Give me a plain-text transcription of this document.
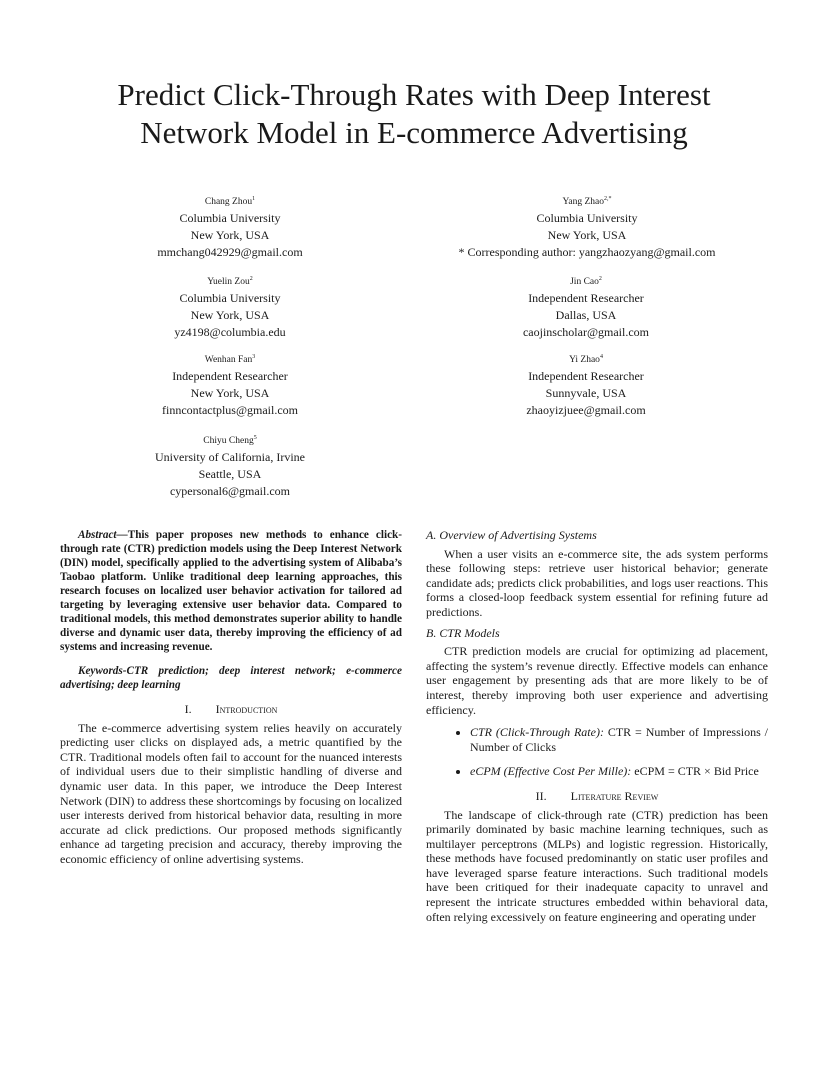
Predict Click-Through Rates with Deep Interest Network Model in E-commerce Advertising
Chang Zhou$^1$
Columbia University
New York, USA
mmchang042929@gmail.com
Yang Zhao$^{2,*}$
Columbia University
New York, USA
* Corresponding author: yangzhaozyang@gmail.com
Yuelin Zou$^2$
Columbia University
New York, USA
yz4198@columbia.edu
Jin Cao$^2$
Independent Researcher
Dallas, USA
caojinscholar@gmail.com
Wenhan Fan$^3$
Independent Researcher
New York, USA
finncontactplus@gmail.com
Yi Zhao$^4$
Independent Researcher
Sunnyvale, USA
zhaoyizjuee@gmail.com
Chiyu Cheng$^5$
University of California, Irvine
Seattle, USA
cypersonal6@gmail.com

Abstract—This paper proposes new methods to enhance click-through rate (CTR) prediction models using the Deep Interest Network (DIN) model, specifically applied to the advertising system of Alibaba’s Taobao platform. Unlike traditional deep learning approaches, this research focuses on localized user behavior activation for tailored ad targeting by leveraging extensive user behavior data. Compared to traditional models, this method demonstrates superior ability to handle diverse and dynamic user data, thereby improving the efficiency of ad systems and increasing revenue.

Keywords-CTR prediction; deep interest network; e-commerce advertising; deep learning

I. Introduction

The e-commerce advertising system relies heavily on accurately predicting user clicks on displayed ads, a metric quantified by the CTR. Traditional models often fail to account for the nuanced interests of individual users due to their simplistic handling of diverse and dynamic user data. In this paper, we introduce the Deep Interest Network (DIN) to address these shortcomings by focusing on localized user interests derived from historical behavior data, resulting in more accurate ad click predictions. Our proposed methods significantly enhance ad targeting precision and accuracy, thereby improving the economic efficiency of online advertising systems.

A. Overview of Advertising Systems

When a user visits an e-commerce site, the ads system performs these following steps: retrieve user historical behavior; generate candidate ads; predicts click probabilities, and logs user reactions. This forms a closed-loop feedback system essential for refining future ad predictions.

B. CTR Models

CTR prediction models are crucial for optimizing ad placement, affecting the system’s revenue directly. Effective models can enhance user engagement by presenting ads that are more likely to be of interest, thereby improving both user experience and advertising efficiency.

• CTR (Click-Through Rate): CTR = Number of Impressions / Number of Clicks
• eCPM (Effective Cost Per Mille): eCPM = CTR × Bid Price
II. Literature Review

The landscape of click-through rate (CTR) prediction has been primarily dominated by basic machine learning techniques, such as multilayer perceptrons (MLPs) and logistic regression. Historically, these methods have focused predominantly on static user profiles and have leveraged sparse feature interactions. Such traditional models have been critiqued for their inadequate capacity to unravel and represent the intricate structures embedded within behavioral data, often relying excessively on feature engineering and operating under
